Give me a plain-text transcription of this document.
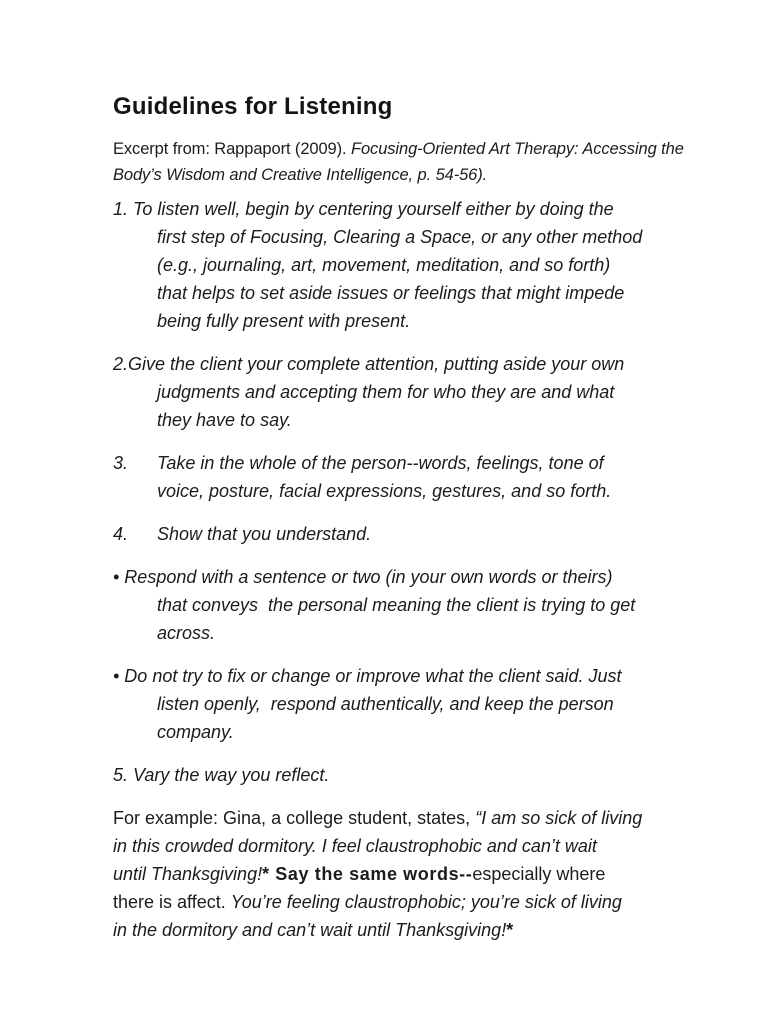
Guidelines for Listening
Excerpt from: Rappaport (2009). Focusing-Oriented Art Therapy: Accessing the
Body’s Wisdom and Creative Intelligence, p. 54-56).
1. To listen well, begin by centering yourself either by doing the
first step of Focusing, Clearing a Space, or any other method
(e.g., journaling, art, movement, meditation, and so forth)
that helps to set aside issues or feelings that might impede
being fully present with present.
2.Give the client your complete attention, putting aside your own
judgments and accepting them for who they are and what
they have to say.
3. Take in the whole of the person--words, feelings, tone of
voice, posture, facial expressions, gestures, and so forth.
4. Show that you understand.
• Respond with a sentence or two (in your own words or theirs)
that conveys  the personal meaning the client is trying to get
across.
• Do not try to fix or change or improve what the client said. Just
listen openly,  respond authentically, and keep the person
company.
5. Vary the way you reflect.
For example: Gina, a college student, states, “I am so sick of living
in this crowded dormitory. I feel claustrophobic and can’t wait
until Thanksgiving!* Say the same words--especially where
there is affect. You’re feeling claustrophobic; you’re sick of living
in the dormitory and can’t wait until Thanksgiving!*
